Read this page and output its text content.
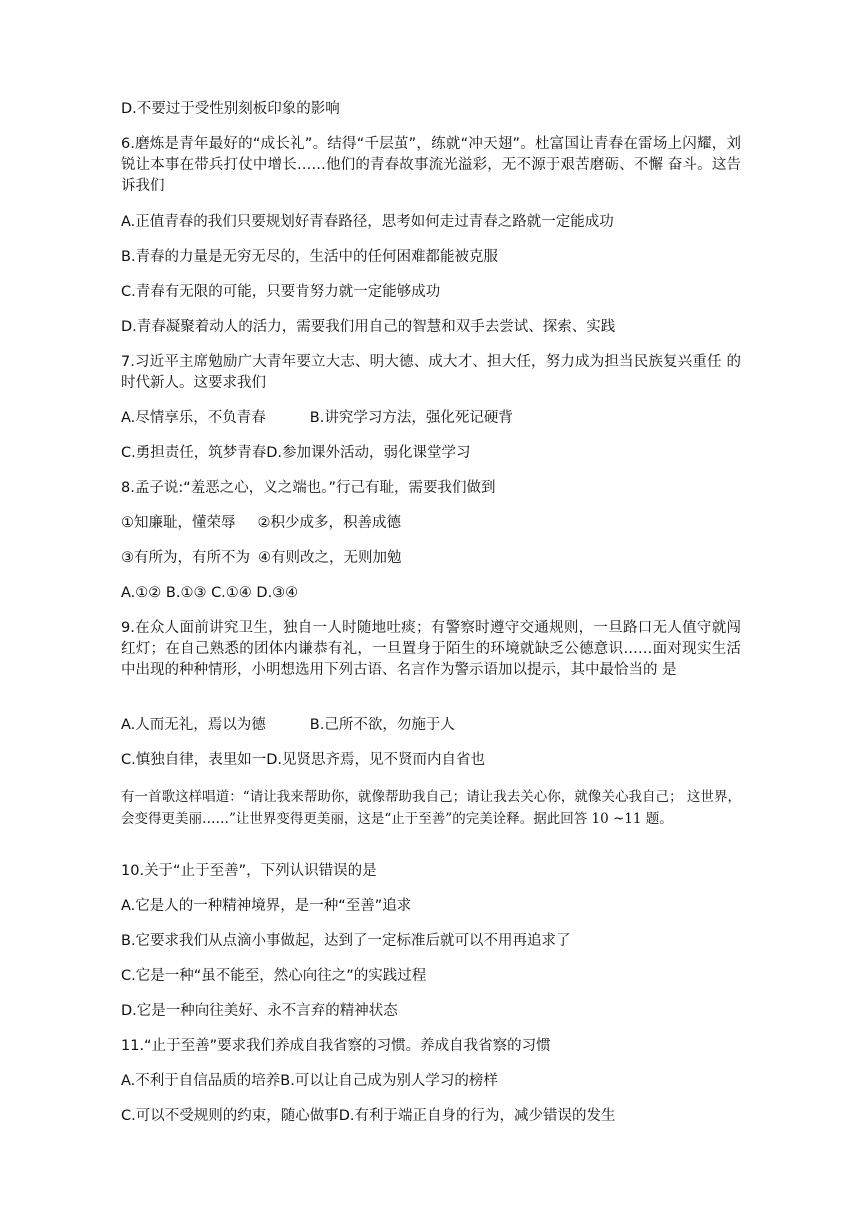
D.不要过于受性别刻板印象的影响
6.磨炼是青年最好的“成长礼”。结得“千层茧”，练就“冲天翅”。杜富国让青春在雷场上闪耀，刘锐让本事在带兵打仗中增长……他们的青春故事流光溢彩，无不源于艰苦磨砺、不懈 奋斗。这告诉我们
A.正值青春的我们只要规划好青春路径，思考如何走过青春之路就一定能成功
B.青春的力量是无穷无尽的，生活中的任何困难都能被克服
C.青春有无限的可能，只要肯努力就一定能够成功
D.青春凝聚着动人的活力，需要我们用自己的智慧和双手去尝试、探索、实践
7.习近平主席勉励广大青年要立大志、明大德、成大才、担大任，努力成为担当民族复兴重任 的时代新人。这要求我们
A.尽情享乐，不负青春	B.讲究学习方法，强化死记硬背
C.勇担责任，筑梦青春D.参加课外活动，弱化课堂学习
8.孟子说:“羞恶之心，义之端也。”行己有耻，需要我们做到
①知廉耻，懂荣辱 ②积少成多，积善成德
③有所为，有所不为 ④有则改之，无则加勉
A.①② B.①③ C.①④ D.③④
9.在众人面前讲究卫生，独自一人时随地吐痰；有警察时遵守交通规则，一旦路口无人值守就闯红灯；在自己熟悉的团体内谦恭有礼，一旦置身于陌生的环境就缺乏公德意识……面对现实生活中出现的种种情形，小明想选用下列古语、名言作为警示语加以提示，其中最恰当的 是
A.人而无礼，焉以为德	B.己所不欲，勿施于人
C.慎独自律，表里如一D.见贤思齐焉，见不贤而内自省也
有一首歌这样唱道：“请让我来帮助你，就像帮助我自己；请让我去关心你，就像关心我自己； 这世界，会变得更美丽……”让世界变得更美丽，这是“止于至善”的完美诠释。据此回答 10 ~11 题。
10.关于“止于至善”，下列认识错误的是
A.它是人的一种精神境界，是一种“至善”追求
B.它要求我们从点滴小事做起，达到了一定标准后就可以不用再追求了
C.它是一种“虽不能至，然心向往之”的实践过程
D.它是一种向往美好、永不言弃的精神状态
11.“止于至善”要求我们养成自我省察的习惯。养成自我省察的习惯
A.不利于自信品质的培养B.可以让自己成为别人学习的榜样
C.可以不受规则的约束，随心做事D.有利于端正自身的行为，减少错误的发生
